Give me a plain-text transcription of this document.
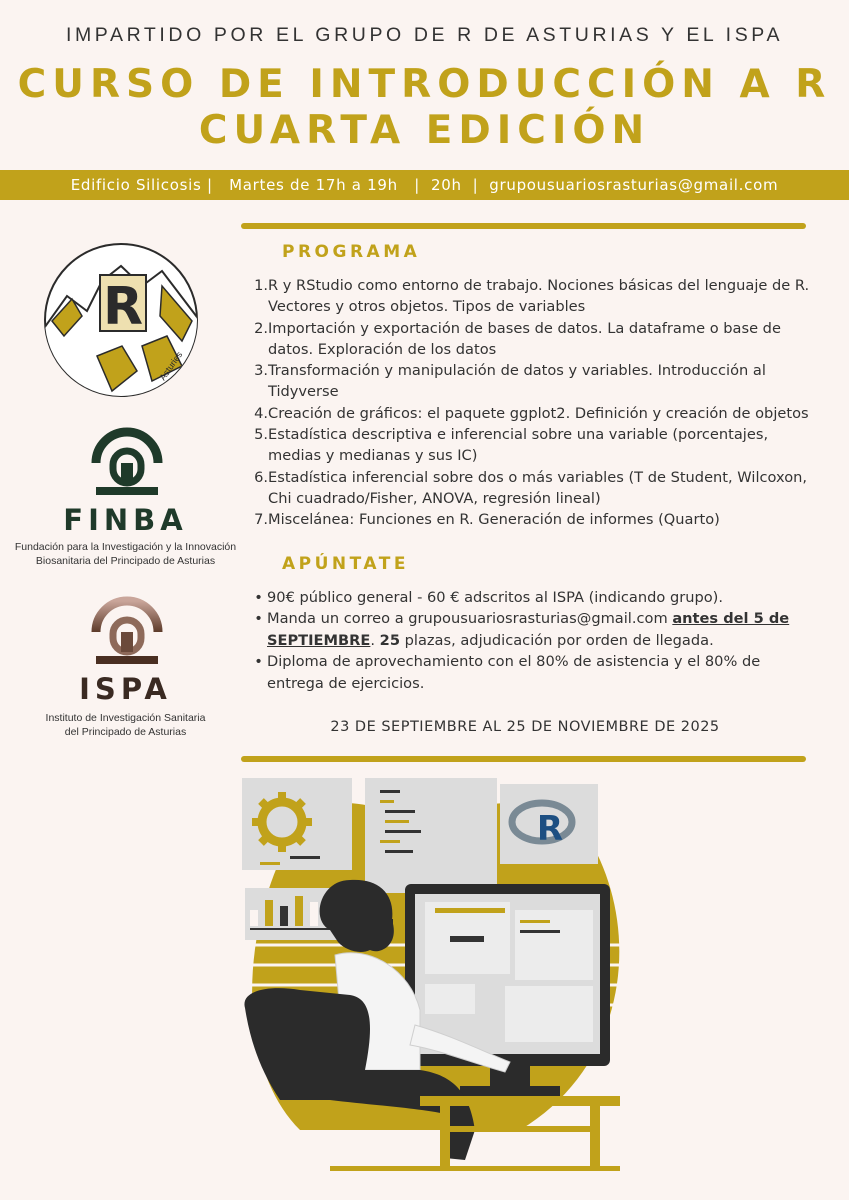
IMPARTIDO POR EL GRUPO DE R DE ASTURIAS Y EL ISPA
CURSO DE INTRODUCCIÓN A R
CUARTA EDICIÓN
Edificio Silicosis |   Martes de 17h a 19h   |  20h  |  grupousuariosrasturias@gmail.com
PROGRAMA
1. R y RStudio como entorno de trabajo. Nociones básicas del lenguaje de R. Vectores y otros objetos. Tipos de variables
2. Importación y exportación de bases de datos. La dataframe o base de datos. Exploración de los datos
3. Transformación y manipulación de datos y variables. Introducción al Tidyverse
4. Creación de gráficos: el paquete ggplot2. Definición y creación de objetos
5. Estadística descriptiva e inferencial sobre una variable (porcentajes, medias y medianas y sus IC)
6. Estadística inferencial sobre dos o más variables (T de Student, Wilcoxon, Chi cuadrado/Fisher, ANOVA, regresión lineal)
7. Miscelánea: Funciones en R. Generación de informes (Quarto)
APÚNTATE
• 90€ público general - 60 € adscritos al ISPA (indicando grupo).
• Manda un correo a grupousuariosrasturias@gmail.com antes del 5 de SEPTIEMBRE. 25 plazas, adjudicación por orden de llegada.
• Diploma de aprovechamiento con el 80% de asistencia y el 80% de entrega de ejercicios.
23 DE SEPTIEMBRE AL 25 DE NOVIEMBRE DE 2025
R
Asturies
FINBA
Fundación para la Investigación y la Innovación
Biosanitaria del Principado de Asturias
ISPA
Instituto de Investigación Sanitaria
del Principado de Asturias
R
